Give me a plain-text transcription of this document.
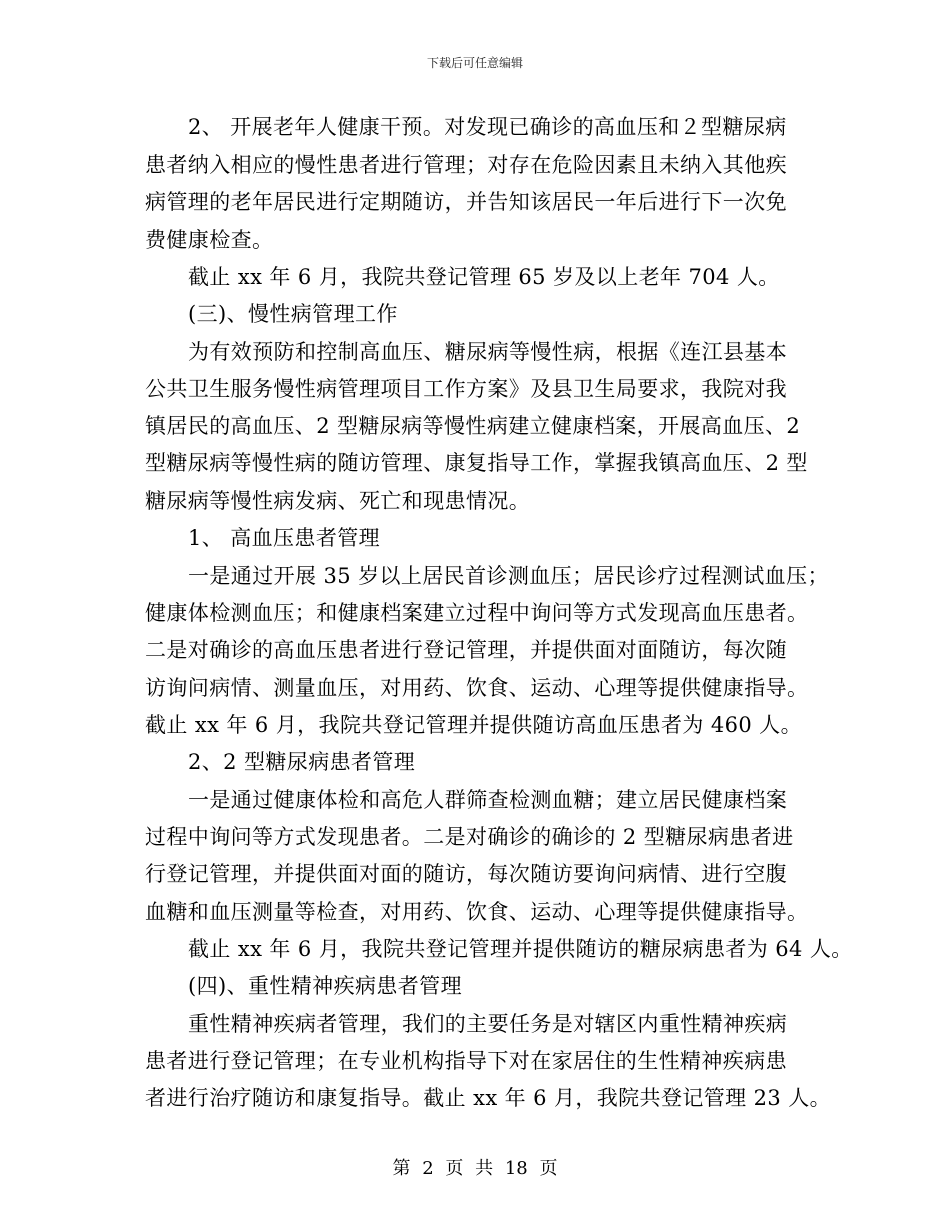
下载后可任意编辑
2、 开展老年人健康干预。对发现已确诊的高血压和２型糖尿病
患者纳入相应的慢性患者进行管理；对存在危险因素且未纳入其他疾
病管理的老年居民进行定期随访，并告知该居民一年后进行下一次免
费健康检查。
截止 xx 年 6 月，我院共登记管理 65 岁及以上老年 704 人。
(三)、慢性病管理工作
为有效预防和控制高血压、糖尿病等慢性病，根据《连江县基本
公共卫生服务慢性病管理项目工作方案》及县卫生局要求，我院对我
镇居民的高血压、2 型糖尿病等慢性病建立健康档案，开展高血压、2
型糖尿病等慢性病的随访管理、康复指导工作，掌握我镇高血压、2 型
糖尿病等慢性病发病、死亡和现患情况。
1、 高血压患者管理
一是通过开展 35 岁以上居民首诊测血压；居民诊疗过程测试血压；
健康体检测血压；和健康档案建立过程中询问等方式发现高血压患者。
二是对确诊的高血压患者进行登记管理，并提供面对面随访，每次随
访询问病情、测量血压，对用药、饮食、运动、心理等提供健康指导。
截止 xx 年 6 月，我院共登记管理并提供随访高血压患者为 460 人。
2、2 型糖尿病患者管理
一是通过健康体检和高危人群筛查检测血糖；建立居民健康档案
过程中询问等方式发现患者。二是对确诊的确诊的 2 型糖尿病患者进
行登记管理，并提供面对面的随访，每次随访要询问病情、进行空腹
血糖和血压测量等检查，对用药、饮食、运动、心理等提供健康指导。
截止 xx 年 6 月，我院共登记管理并提供随访的糖尿病患者为 64 人。
(四)、重性精神疾病患者管理
重性精神疾病者管理，我们的主要任务是对辖区内重性精神疾病
患者进行登记管理；在专业机构指导下对在家居住的生性精神疾病患
者进行治疗随访和康复指导。截止 xx 年 6 月，我院共登记管理 23 人。
第 2 页 共 18 页
